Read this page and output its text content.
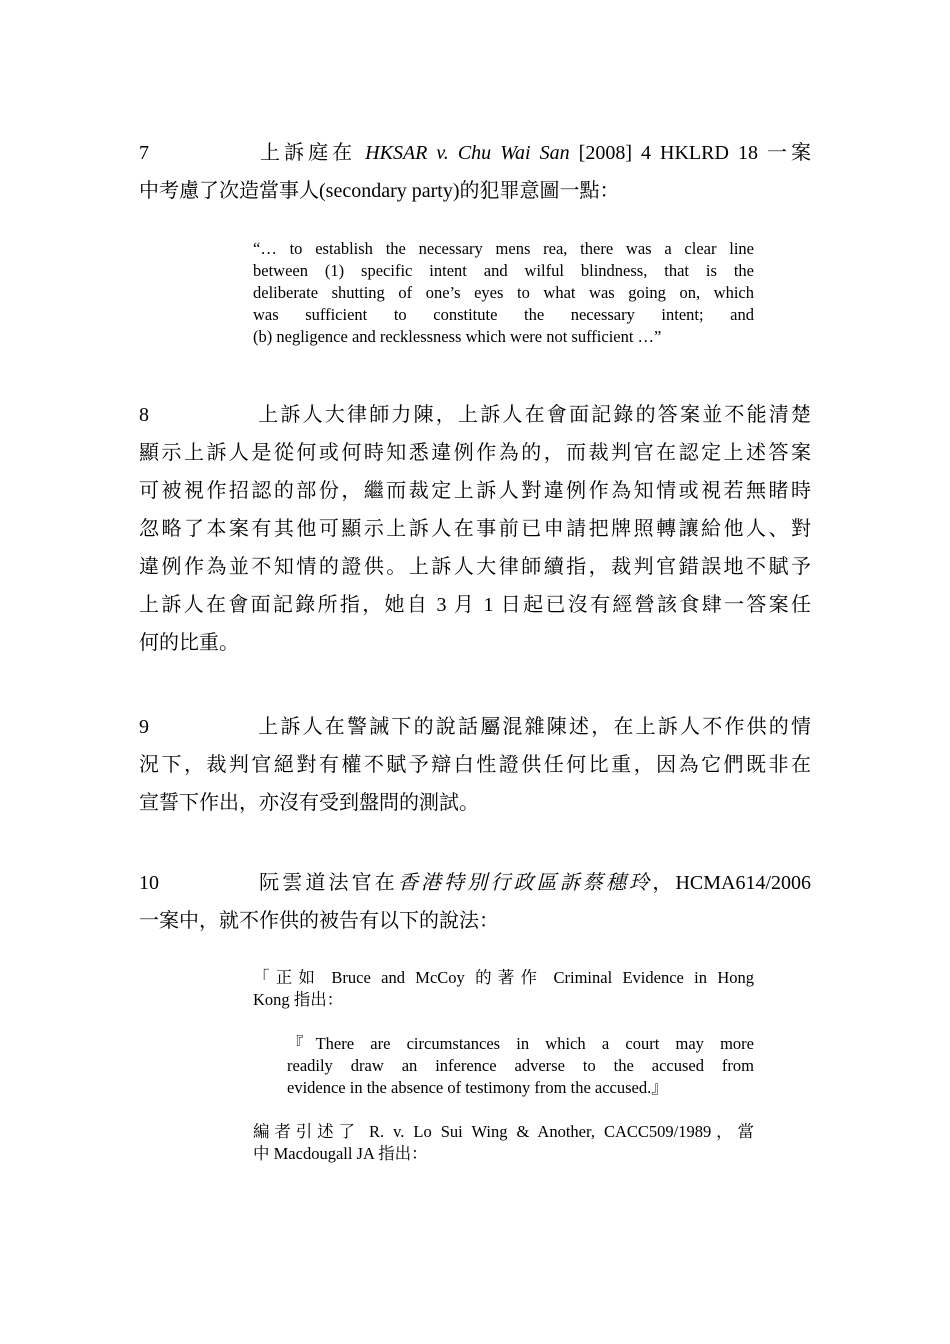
7	上訴庭在 HKSAR v. Chu Wai San [2008] 4 HKLRD 18 一案
中考慮了次造當事人(secondary party)的犯罪意圖一點：
“… to establish the necessary mens rea, there was a clear line
between (1) specific intent and wilful blindness, that is the
deliberate shutting of one’s eyes to what was going on, which
was sufficient to constitute the necessary intent; and
(b) negligence and recklessness which were not sufficient …”
8	上訴人大律師力陳，上訴人在會面記錄的答案並不能清楚
顯示上訴人是從何或何時知悉違例作為的，而裁判官在認定上述答案
可被視作招認的部份，繼而裁定上訴人對違例作為知情或視若無睹時
忽略了本案有其他可顯示上訴人在事前已申請把牌照轉讓給他人、對
違例作為並不知情的證供。上訴人大律師續指，裁判官錯誤地不賦予
上訴人在會面記錄所指，她自 3 月 1 日起已沒有經營該食肆一答案任
何的比重。
9	上訴人在警誡下的說話屬混雜陳述，在上訴人不作供的情
況下，裁判官絕對有權不賦予辯白性證供任何比重，因為它們既非在
宣誓下作出，亦沒有受到盤問的測試。
10	阮雲道法官在香港特別行政區訴蔡穗玲，HCMA614/2006
一案中，就不作供的被告有以下的說法：
「正如 Bruce and McCoy 的著作 Criminal Evidence in Hong
Kong 指出：
『There are circumstances in which a court may more
readily draw an inference adverse to the accused from
evidence in the absence of testimony from the accused.』
編者引述了 R. v. Lo Sui Wing & Another, CACC509/1989，當
中 Macdougall JA 指出：
